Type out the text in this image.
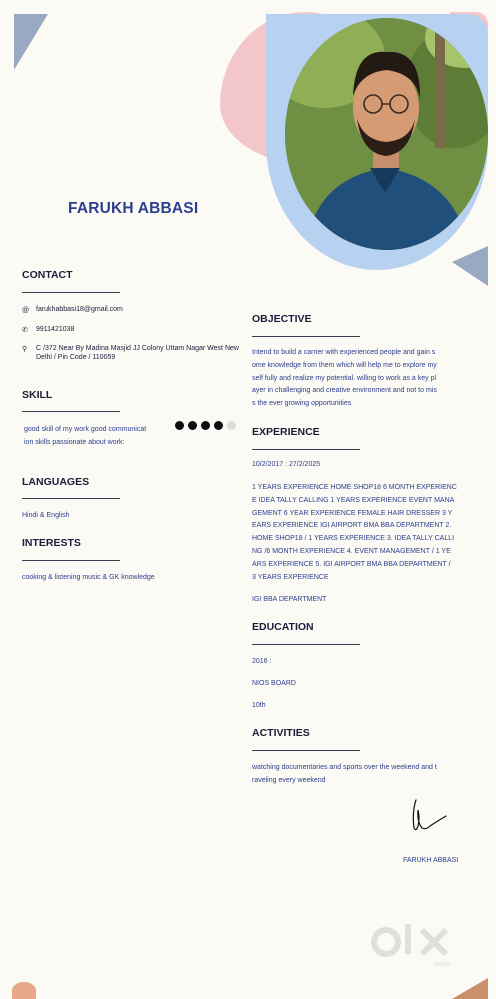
FARUKH ABBASI
CONTACT
@ farukhabbasi18@gmail.com
✆	9911421038
⚲	C /372 Near By Madina Masjid JJ Colony Uttam Nagar West New
Delhi / Pin Code / 110059
SKILL
good skill of my work good communicat
ion skills passionate about work:
LANGUAGES
Hindi & English
INTERESTS
cooking & listening music & GK knowledge
OBJECTIVE
Intend to build a carrier with experienced people and gain s
ome knowledge from them which will help me to explore my
self fully and realize my potential. willing to work as a key pl
ayer in challenging and creative environment and not to mis
s the ever growing opportunities
EXPERIENCE
10/2/2017 : 27/2/2025
1 YEARS EXPERIENCE HOME SHOP18 6 MONTH EXPERIENC
E IDEA TALLY CALLING 1 YEARS EXPERIENCE EVENT MANA
GEMENT 6 YEAR EXPERIENCE FEMALE HAIR DRESSER 3 Y
EARS EXPERIENCE IGI AIRPORT BMA BBA DEPARTMENT 2.
HOME SHOP18 / 1 YEARS EXPERIENCE 3. IDEA TALLY CALLI
NG /6 MONTH EXPERIENCE 4. EVENT MANAGEMENT / 1 YE
ARS EXPERIENCE 5. IGI AIRPORT BMA BBA DEPARTMENT /
3 YEARS EXPERIENCE
IGI BBA DEPARTMENT
EDUCATION
2016 :
NIOS BOARD
10th
ACTIVITIES
watching documentaries and sports over the weekend and t
raveling every weekend
FARUKH ABBASI
INDIA
